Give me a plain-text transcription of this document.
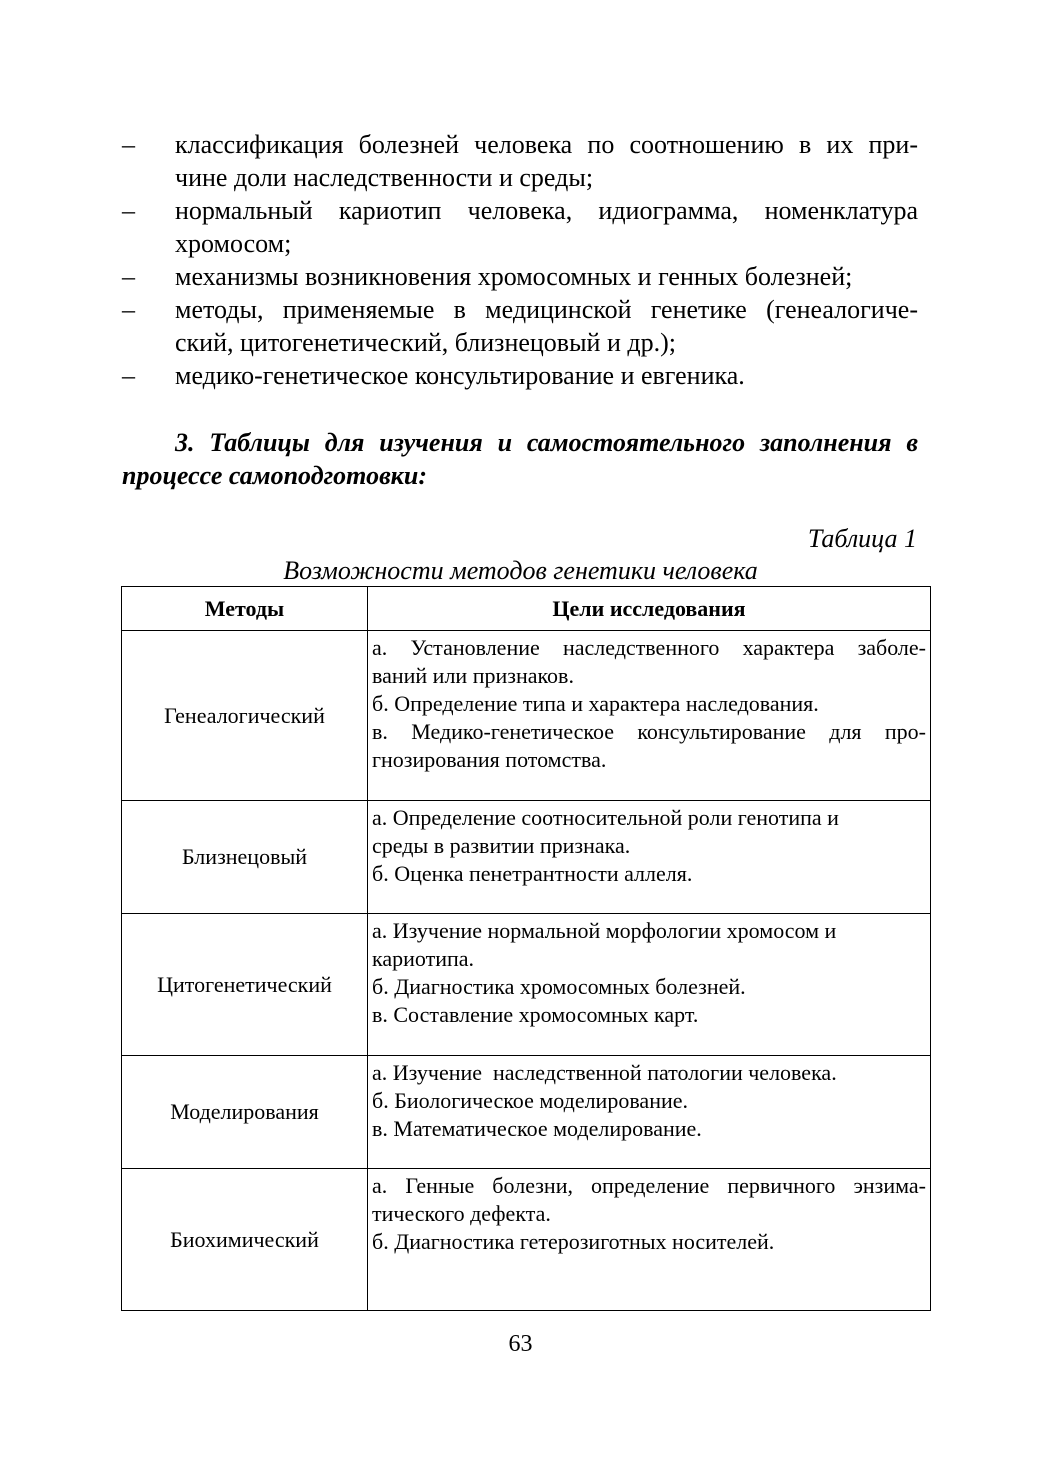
– классификация болезней человека по соотношению в их при-
чине доли наследственности и среды;
– нормальный кариотип человека, идиограмма, номенклатура
хромосом;
– механизмы возникновения хромосомных и генных болезней;
– методы, применяемые в медицинской генетике (генеалогиче-
ский, цитогенетический, близнецовый и др.);
– медико-генетическое консультирование и евгеника.
3. Таблицы для изучения и самостоятельного заполнения в
процессе самоподготовки:
Таблица 1
Возможности методов генетики человека
Методы	Цели исследования
Генеалогический	а. Установление наследственного характера заболе-
ваний или признаков.
б. Определение типа и характера наследования.
в. Медико-генетическое консультирование для про-
гнозирования потомства.

Близнецовый	а. Определение соотносительной роли генотипа и
среды в развитии признака.
б. Оценка пенетрантности аллеля.

Цитогенетический	а. Изучение нормальной морфологии хромосом и
кариотипа.
б. Диагностика хромосомных болезней.
в. Составление хромосомных карт.

Моделирования	а. Изучение  наследственной патологии человека.
б. Биологическое моделирование.
в. Математическое моделирование.

Биохимический	а. Генные болезни, определение первичного энзима-
тического дефекта.
б. Диагностика гетерозиготных носителей.
63
